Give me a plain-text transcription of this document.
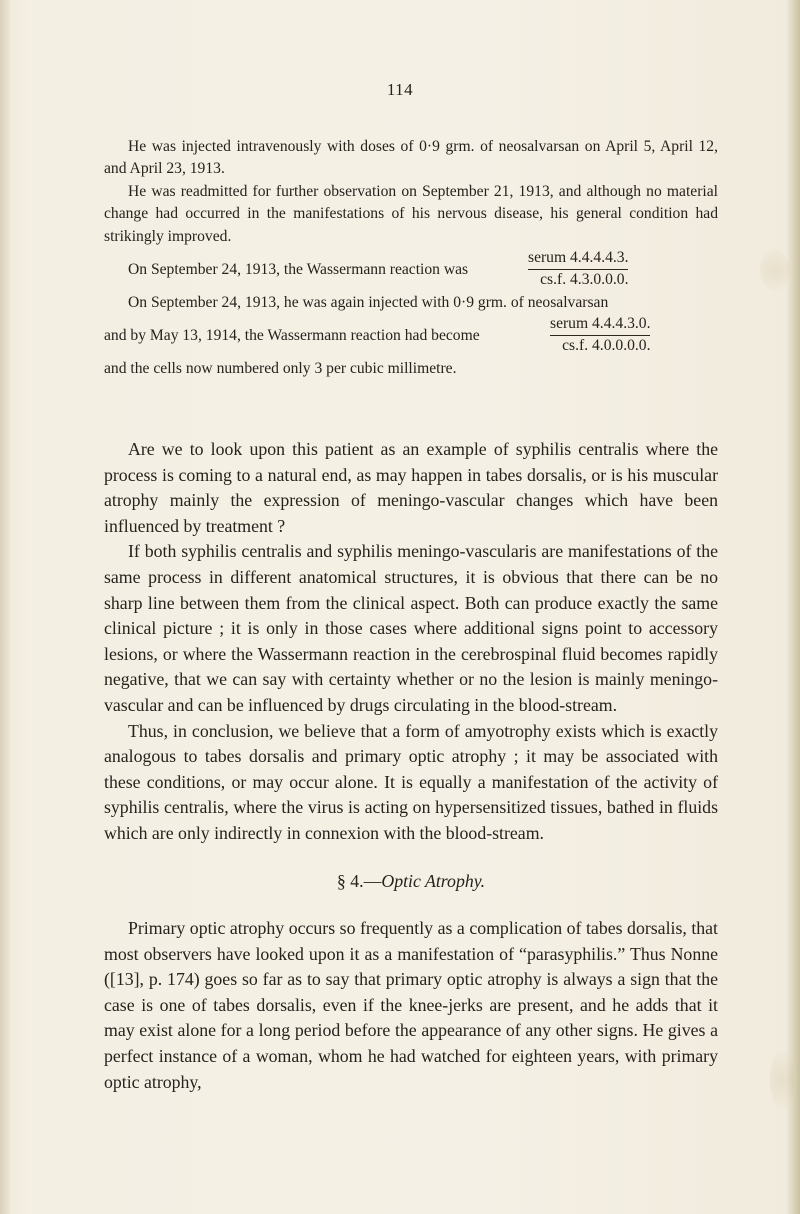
114

He was injected intravenously with doses of 0·9 grm. of neosalvarsan on April 5, April 12, and April 23, 1913.

He was readmitted for further observation on September 21, 1913, and although no material change had occurred in the manifestations of his nervous disease, his general condition had strikingly improved.

On September 24, 1913, the Wassermann reaction was
serum 4.4.4.4.3.
cs.f. 4.3.0.0.0.

On September 24, 1913, he was again injected with 0·9 grm. of neosalvarsan

and by May 13, 1914, the Wassermann reaction had become
serum 4.4.4.3.0.
cs.f. 4.0.0.0.0.

and the cells now numbered only 3 per cubic millimetre.

Are we to look upon this patient as an example of syphilis centralis where the process is coming to a natural end, as may happen in tabes dorsalis, or is his muscular atrophy mainly the expression of meningo-vascular changes which have been influenced by treatment ?

If both syphilis centralis and syphilis meningo-vascularis are manifestations of the same process in different anatomical structures, it is obvious that there can be no sharp line between them from the clinical aspect. Both can produce exactly the same clinical picture ; it is only in those cases where additional signs point to accessory lesions, or where the Wassermann reaction in the cerebrospinal fluid becomes rapidly negative, that we can say with certainty whether or no the lesion is mainly meningo-vascular and can be influenced by drugs circulating in the blood-stream.

Thus, in conclusion, we believe that a form of amyotrophy exists which is exactly analogous to tabes dorsalis and primary optic atrophy ; it may be associated with these conditions, or may occur alone. It is equally a manifestation of the activity of syphilis centralis, where the virus is acting on hypersensitized tissues, bathed in fluids which are only indirectly in connexion with the blood-stream.

§ 4.—Optic Atrophy.

Primary optic atrophy occurs so frequently as a complication of tabes dorsalis, that most observers have looked upon it as a manifestation of “parasyphilis.” Thus Nonne ([13], p. 174) goes so far as to say that primary optic atrophy is always a sign that the case is one of tabes dorsalis, even if the knee-jerks are present, and he adds that it may exist alone for a long period before the appearance of any other signs. He gives a perfect instance of a woman, whom he had watched for eighteen years, with primary optic atrophy,
